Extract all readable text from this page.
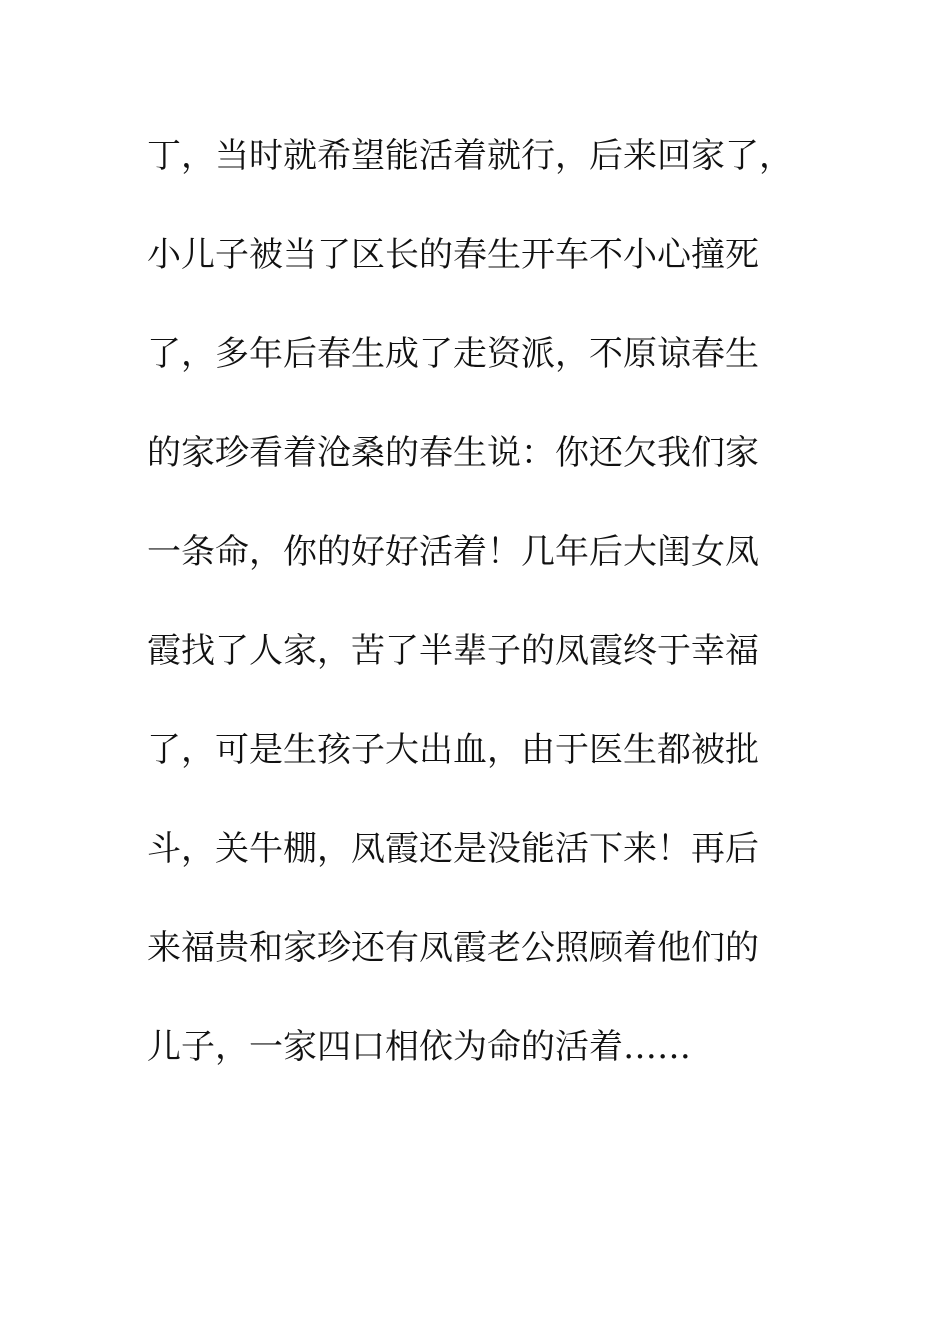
丁，当时就希望能活着就行，后来回家了，
小儿子被当了区长的春生开车不小心撞死
了，多年后春生成了走资派，不原谅春生
的家珍看着沧桑的春生说：你还欠我们家
一条命，你的好好活着！几年后大闺女凤
霞找了人家，苦了半辈子的凤霞终于幸福
了，可是生孩子大出血，由于医生都被批
斗，关牛棚，凤霞还是没能活下来！再后
来福贵和家珍还有凤霞老公照顾着他们的
儿子，一家四口相依为命的活着……
